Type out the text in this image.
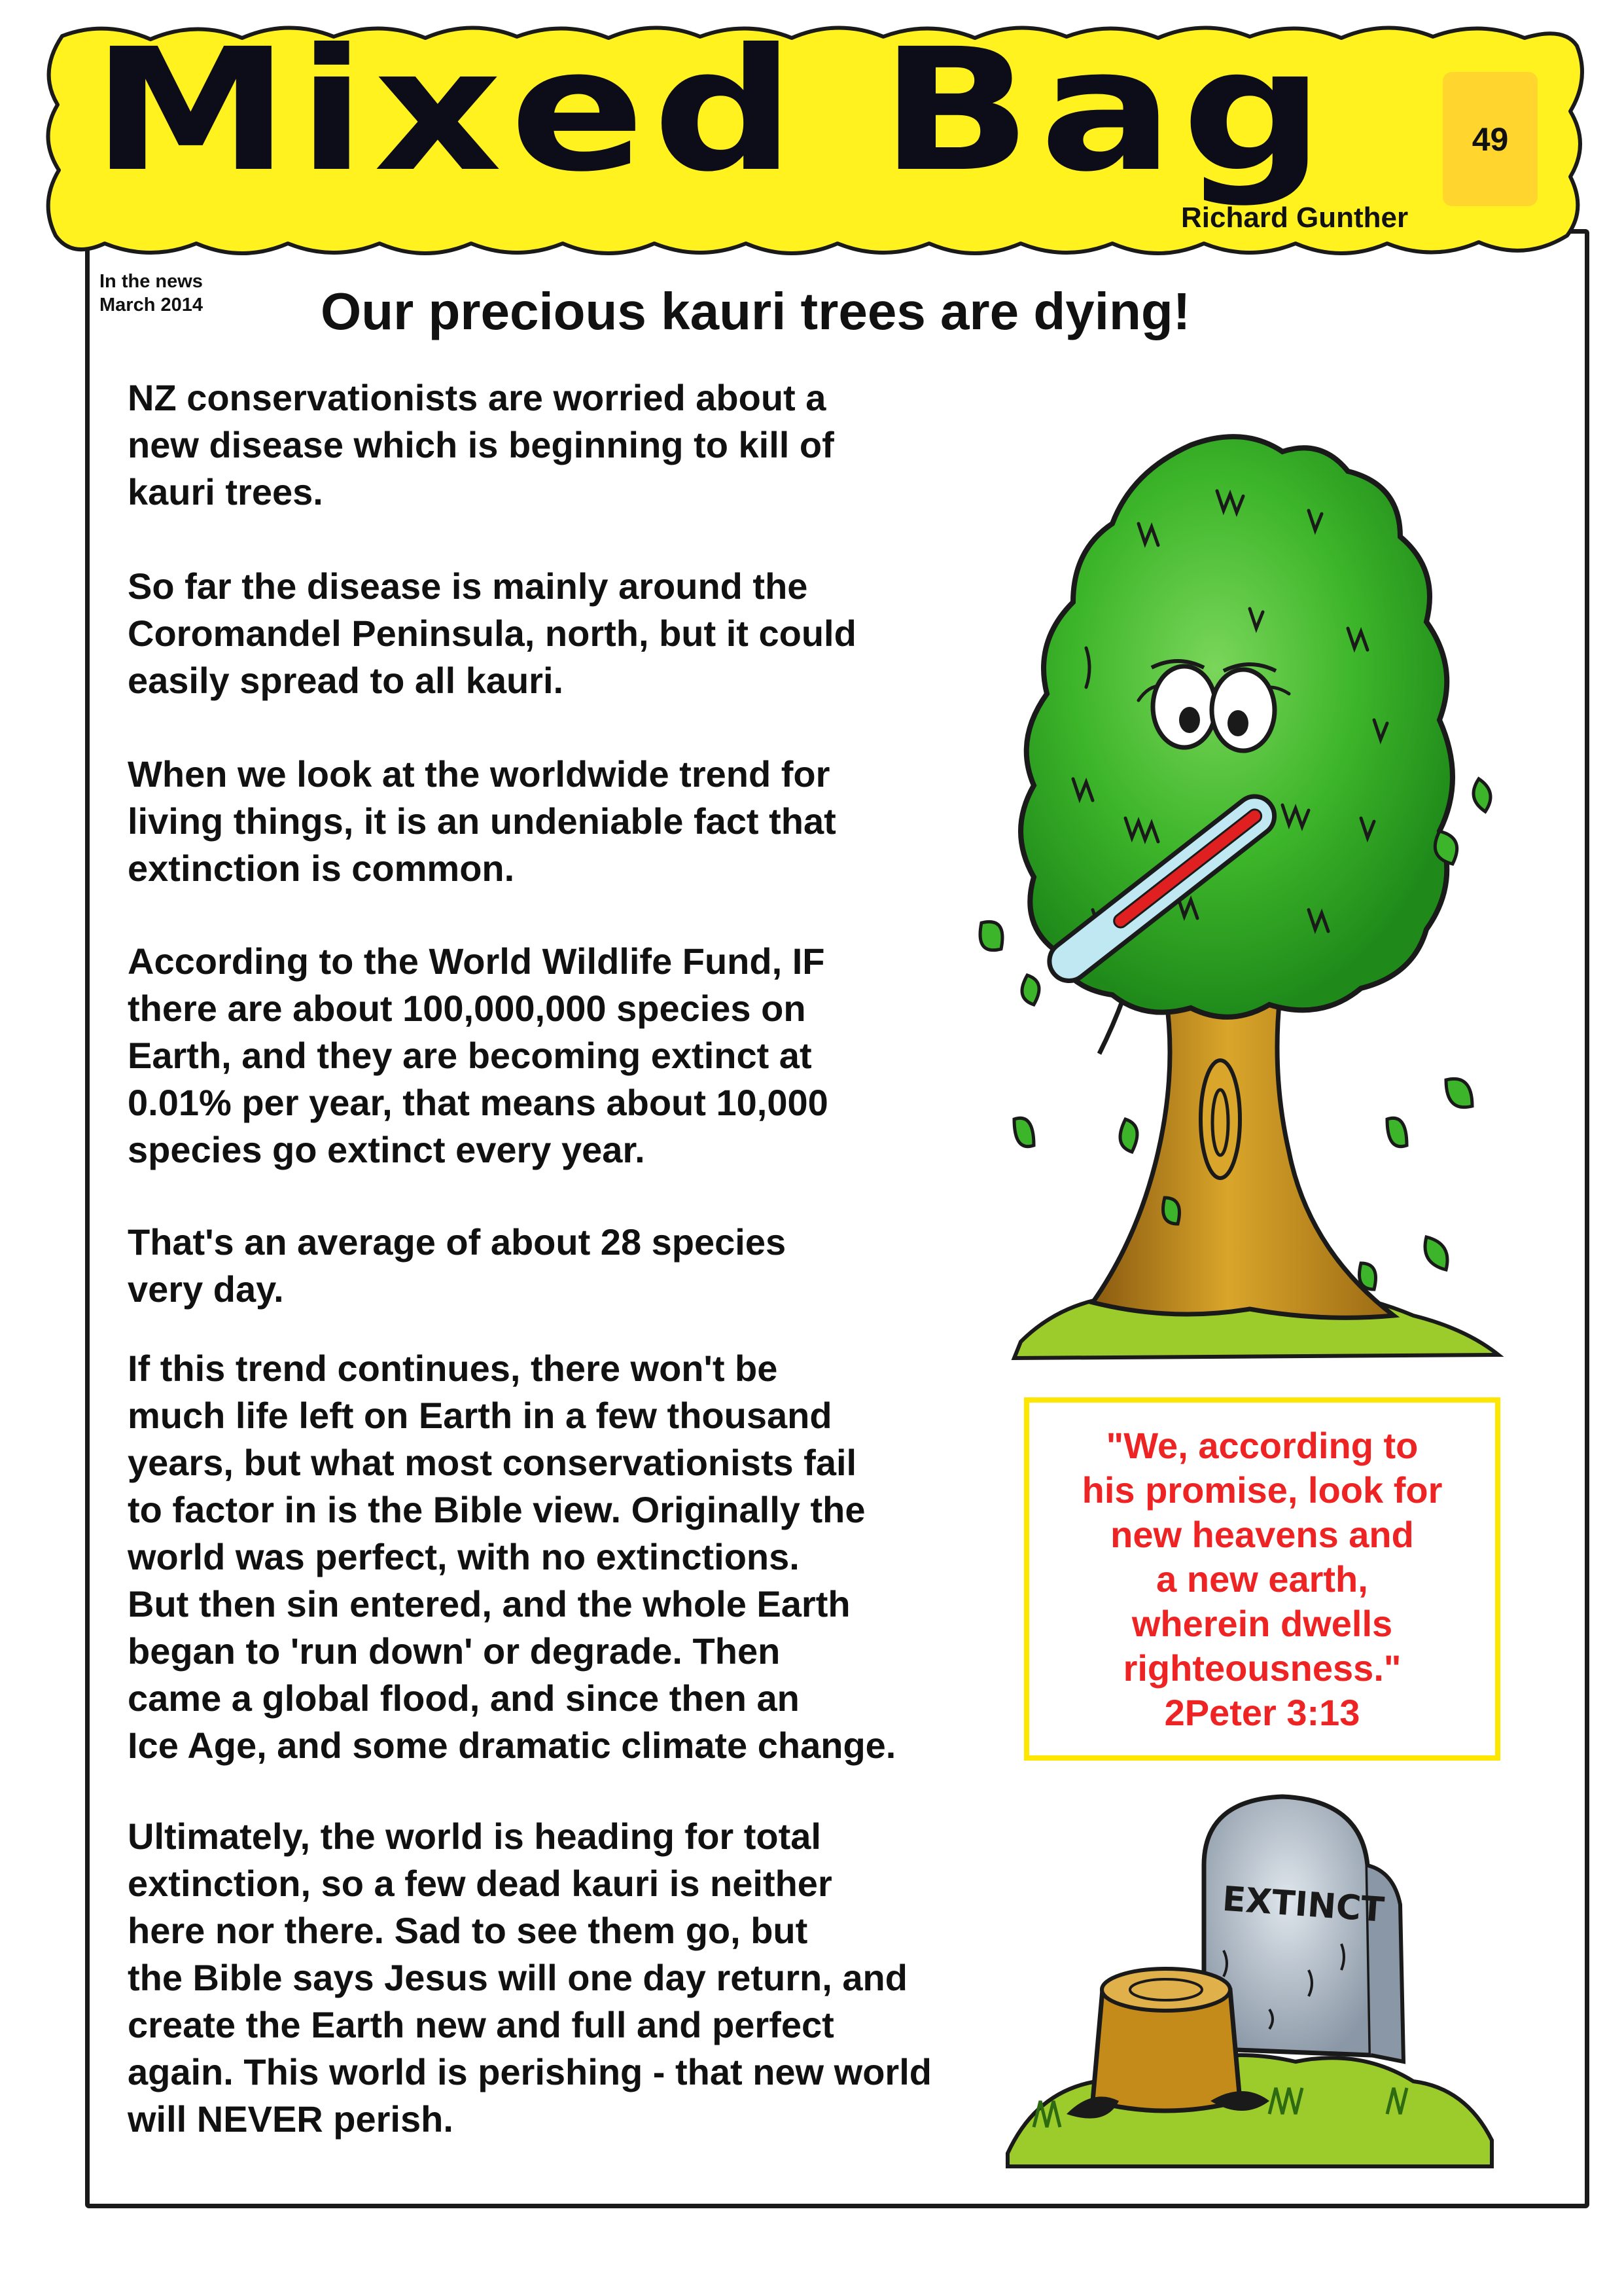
Mixed Bag	49
Richard Gunther
In the news
March 2014 Our precious kauri trees are dying!
NZ conservationists are worried about a
new disease which is beginning to kill of
kauri trees.
So far the disease is mainly around the
Coromandel Peninsula, north, but it could
easily spread to all kauri.
When we look at the worldwide trend for
living things, it is an undeniable fact that
extinction is common.
According to the World Wildlife Fund, IF
there are about 100,000,000 species on
Earth, and they are becoming extinct at
0.01% per year, that means about 10,000
species go extinct every year.
That's an average of about 28 species
very day.
If this trend continues, there won't be
much life left on Earth in a few thousand
years, but what most conservationists fail
to factor in is the Bible view. Originally the
world was perfect, with no extinctions.
But then sin entered, and the whole Earth
began to 'run down' or degrade. Then
came a global flood, and since then an
Ice Age, and some dramatic climate change.
Ultimately, the world is heading for total
extinction, so a few dead kauri is neither
here nor there. Sad to see them go, but
the Bible says Jesus will one day return, and
create the Earth new and full and perfect
again. This world is perishing - that new world
will NEVER perish.
"We, according to
his promise, look for
new heavens and
a new earth,
wherein dwells
righteousness."
2Peter 3:13
EXTINCT
